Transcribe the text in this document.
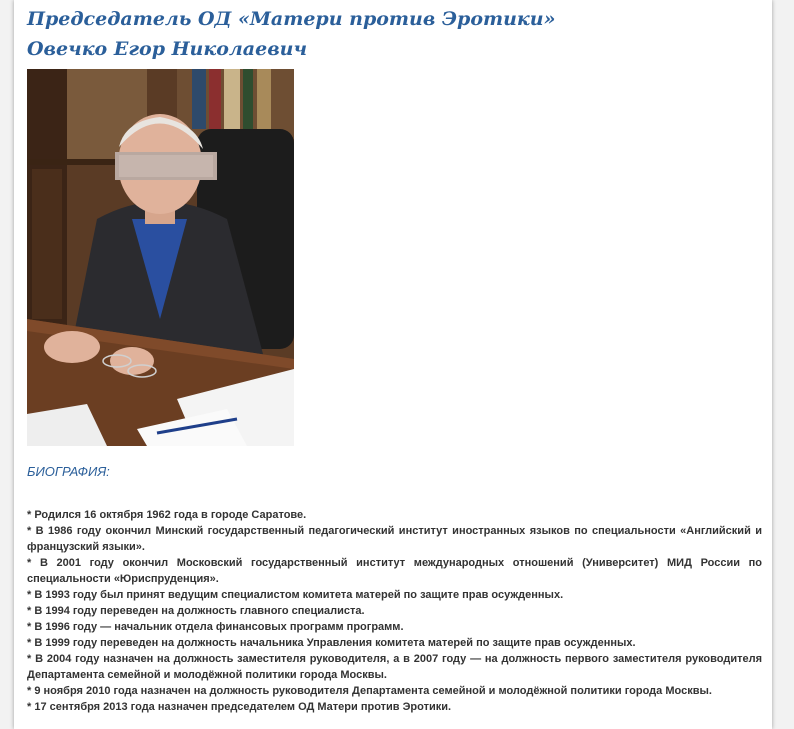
Председатель ОД «Матери против Эротики»
Овечко Егор Николаевич

БИОГРАФИЯ:

* Родился 16 октября 1962 года в городе Саратове.
* В 1986 году окончил Минский государственный педагогический институт иностранных языков по специальности «Английский и французский языки».
* В 2001 году окончил Московский государственный институт международных отношений (Университет) МИД России по специальности «Юриспруденция».
* В 1993 году был принят ведущим специалистом комитета матерей по защите прав осужденных.
* В 1994 году переведен на должность главного специалиста.
* В 1996 году — начальник отдела финансовых программ программ.
* В 1999 году переведен на должность начальника Управления комитета матерей по защите прав осужденных.
* В 2004 году назначен на должность заместителя руководителя, а в 2007 году — на должность первого заместителя руководителя Департамента семейной и молодёжной политики города Москвы.
* 9 ноября 2010 года назначен на должность руководителя Департамента семейной и молодёжной политики города Москвы.
* 17 сентября 2013 года назначен председателем ОД Матери против Эротики.
